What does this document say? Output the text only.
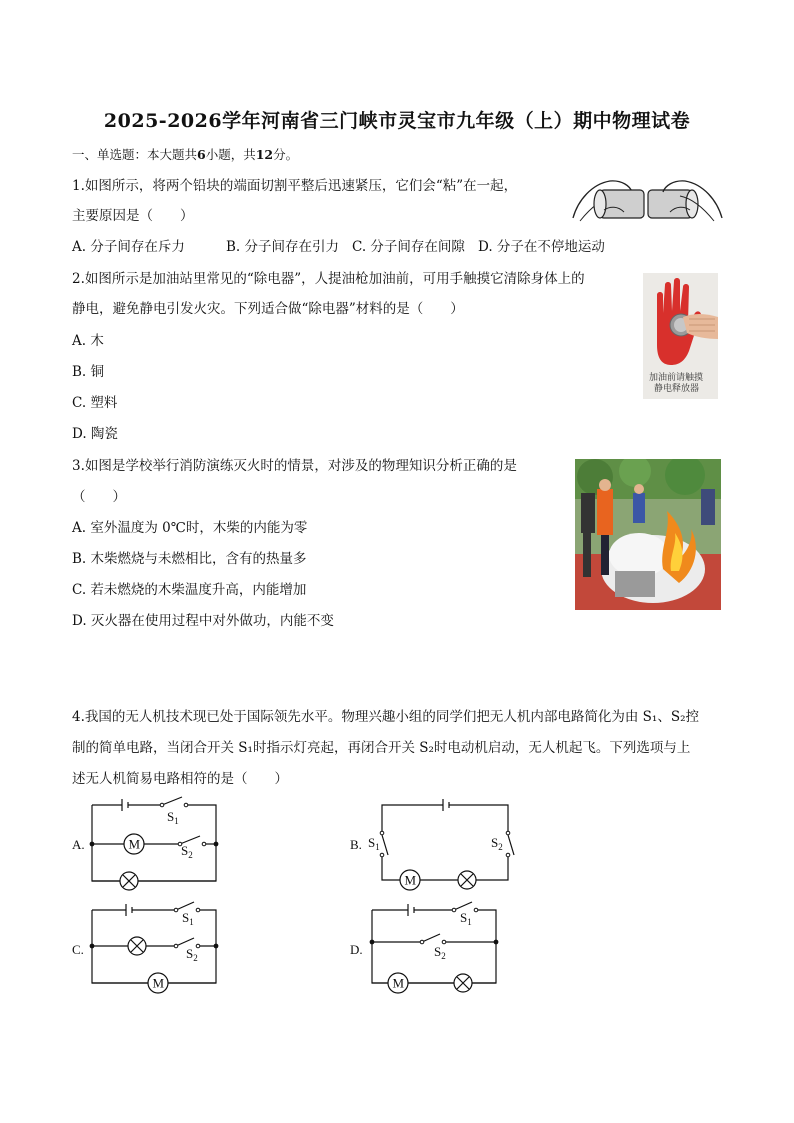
2025-2026学年河南省三门峡市灵宝市九年级（上）期中物理试卷
一、单选题：本大题共6小题，共12分。
1.如图所示，将两个铅块的端面切割平整后迅速紧压，它们会“粘”在一起，
主要原因是（　　）
A. 分子间存在斥力	B. 分子间存在引力 C. 分子间存在间隙 D. 分子在不停地运动
2.如图所示是加油站里常见的“除电器”，人提油枪加油前，可用手触摸它清除身体上的
静电，避免静电引发火灾。下列适合做“除电器”材料的是（　　）
A. 木
B. 铜
C. 塑料
D. 陶瓷
加油前请触摸
静电释放器
3.如图是学校举行消防演练灭火时的情景，对涉及的物理知识分析正确的是
（　　）
A. 室外温度为 0℃时，木柴的内能为零
B. 木柴燃烧与未燃相比，含有的热量多
C. 若未燃烧的木柴温度升高，内能增加
D. 灭火器在使用过程中对外做功，内能不变
4.我国的无人机技术现已处于国际领先水平。物理兴趣小组的同学们把无人机内部电路简化为由 S₁、S₂控
制的简单电路，当闭合开关 S₁时指示灯亮起，再闭合开关 S₂时电动机启动，无人机起飞。下列选项与上
述无人机简易电路相符的是（　　）
A.	M
$S_1$
$S_2$
B.
M
$S_1$	$S_2$
C.
M
$S_1$
$S_2$
D.
M
$S_1$
$S_2$
